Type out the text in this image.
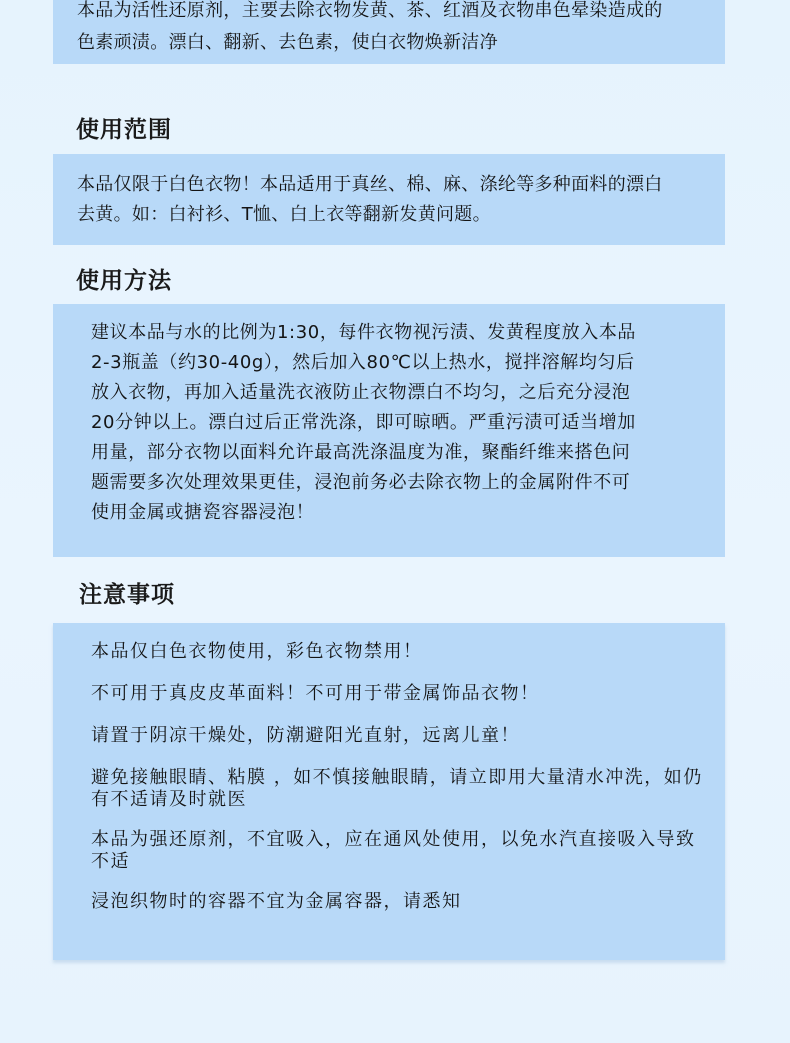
本品为活性还原剂，主要去除衣物发黄、茶、红酒及衣物串色晕染造成的

色素顽渍。漂白、翻新、去色素，使白衣物焕新洁净

使用范围

本品仅限于白色衣物！本品适用于真丝、棉、麻、涤纶等多种面料的漂白

去黄。如：白衬衫、T恤、白上衣等翻新发黄问题。

使用方法

建议本品与水的比例为1:30，每件衣物视污渍、发黄程度放入本品

2-3瓶盖（约30-40g），然后加入80℃以上热水，搅拌溶解均匀后

放入衣物，再加入适量洗衣液防止衣物漂白不均匀，之后充分浸泡

20分钟以上。漂白过后正常洗涤，即可晾晒。严重污渍可适当增加

用量，部分衣物以面料允许最高洗涤温度为准，聚酯纤维来搭色问

题需要多次处理效果更佳，浸泡前务必去除衣物上的金属附件不可

使用金属或搪瓷容器浸泡！

注意事项

本品仅白色衣物使用，彩色衣物禁用！

不可用于真皮皮革面料！不可用于带金属饰品衣物！

请置于阴凉干燥处，防潮避阳光直射，远离儿童！

避免接触眼睛、粘膜 ，如不慎接触眼睛，请立即用大量清水冲洗，如仍有不适请及时就医

本品为强还原剂，不宜吸入，应在通风处使用，以免水汽直接吸入导致不适

浸泡织物时的容器不宜为金属容器，请悉知
